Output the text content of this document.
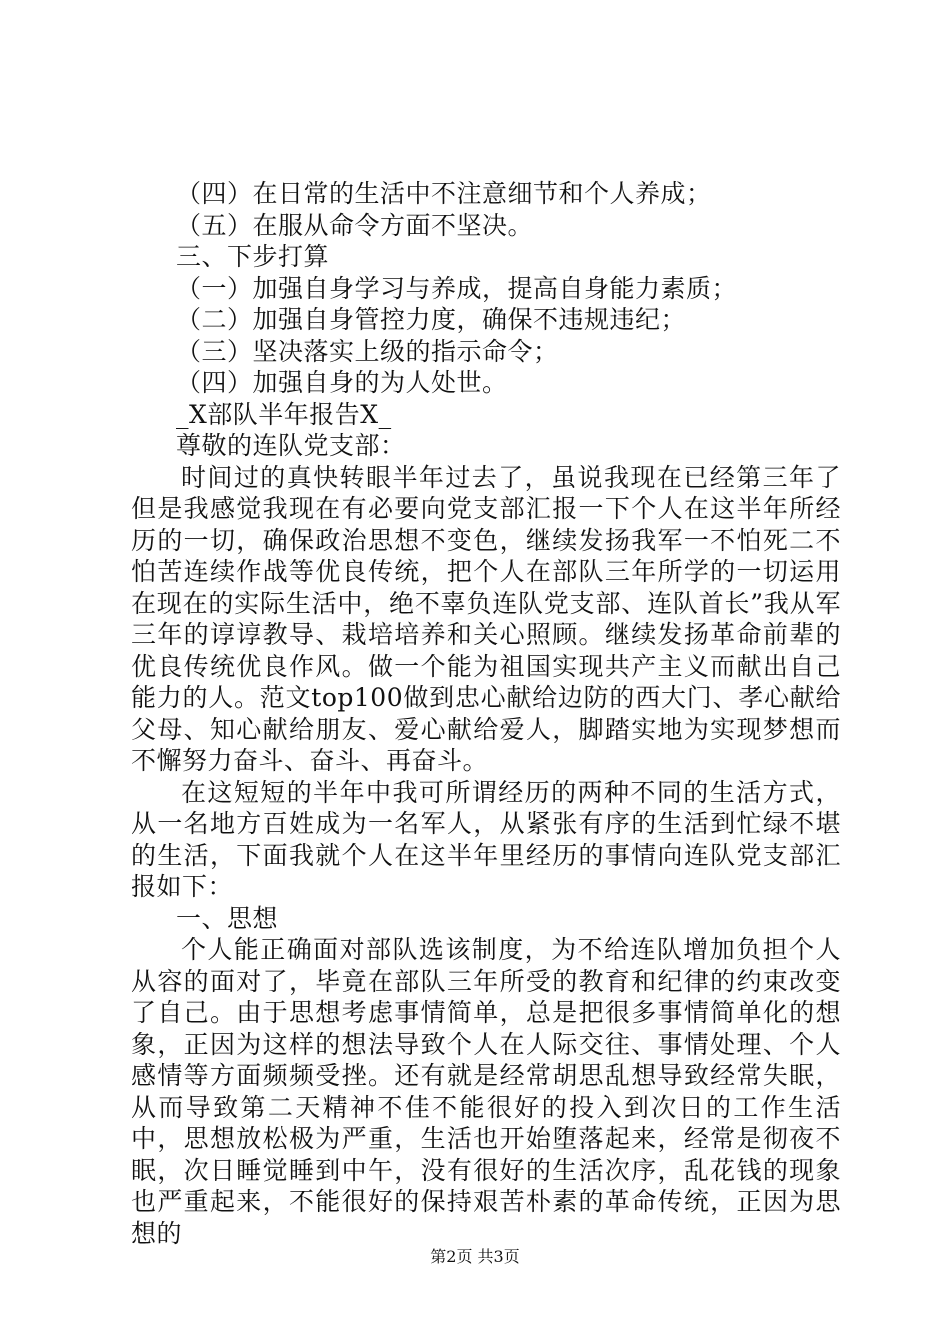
（四）在日常的生活中不注意细节和个人养成；
（五）在服从命令方面不坚决。
三、下步打算
（一）加强自身学习与养成，提高自身能力素质；
（二）加强自身管控力度，确保不违规违纪；
（三）坚决落实上级的指示命令；
（四）加强自身的为人处世。
_X部队半年报告X_
尊敬的连队党支部：

时间过的真快转眼半年过去了，虽说我现在已经第三年了但是我感觉我现在有必要向党支部汇报一下个人在这半年所经历的一切，确保政治思想不变色，继续发扬我军一不怕死二不怕苦连续作战等优良传统，把个人在部队三年所学的一切运用在现在的实际生活中，绝不辜负连队党支部、连队首长”我从军三年的谆谆教导、栽培培养和关心照顾。继续发扬革命前辈的优良传统优良作风。做一个能为祖国实现共产主义而献出自己能力的人。范文top100做到忠心献给边防的西大门、孝心献给父母、知心献给朋友、爱心献给爱人，脚踏实地为实现梦想而不懈努力奋斗、奋斗、再奋斗。

在这短短的半年中我可所谓经历的两种不同的生活方式，从一名地方百姓成为一名军人，从紧张有序的生活到忙绿不堪的生活，下面我就个人在这半年里经历的事情向连队党支部汇报如下：

一、思想

个人能正确面对部队选该制度，为不给连队增加负担个人从容的面对了，毕竟在部队三年所受的教育和纪律的约束改变了自己。由于思想考虑事情简单，总是把很多事情简单化的想象，正因为这样的想法导致个人在人际交往、事情处理、个人感情等方面频频受挫。还有就是经常胡思乱想导致经常失眠，从而导致第二天精神不佳不能很好的投入到次日的工作生活中，思想放松极为严重，生活也开始堕落起来，经常是彻夜不眠，次日睡觉睡到中午，没有很好的生活次序，乱花钱的现象也严重起来，不能很好的保持艰苦朴素的革命传统，正因为思想的

第2页 共3页
